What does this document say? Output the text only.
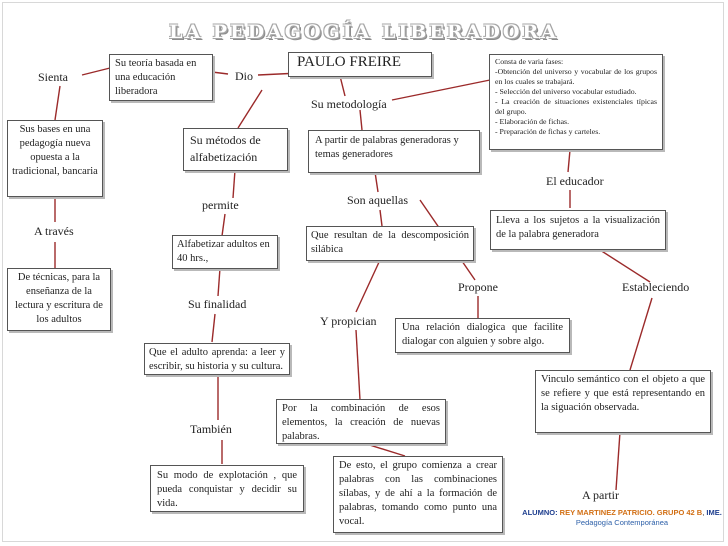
LA PEDAGOGÍA LIBERADORA
PAULO FREIRE
Su teoría basada en una educación liberadora
Sienta
Sus bases en una pedagogía nueva opuesta a la tradicional, bancaria
A través
De técnicas, para la enseñanza de la lectura y escritura de los adultos
Dio
Su métodos de alfabetización
permite
Alfabetizar adultos en 40 hrs.,
Su finalidad
Que el adulto aprenda: a leer y escribir, su historia y su cultura.
También
Su modo de explotación , que pueda conquistar y decidir su vida.
Su metodología
A partir de palabras generadoras y temas generadores
Son aquellas
Que resultan de la descomposición silábica
Y propician
Por la combinación de esos elementos, la creación de nuevas palabras.
De esto, el grupo comienza a crear palabras con las combinaciones sílabas, y de ahí a la formación de palabras, tomando como punto una vocal.
Propone
Una relación dialogica que facilite dialogar con alguien y sobre algo.
Consta de varia fases:
-Obtención del universo y vocabular de los grupos en los cuales se trabajará.
- Selección del universo vocabular estudiado.
- La creación de situaciones existenciales típicas del grupo.
- Elaboración de fichas.
- Preparación de fichas y carteles.
El educador
Lleva a los sujetos a la visualización de la palabra generadora
Estableciendo
Vinculo semántico con el objeto a que se refiere y que está representando en la siguación observada.
A partir
ALUMNO: REY MARTINEZ PATRICIO. GRUPO 42 B, IME.
Pedagogía Contemporánea
